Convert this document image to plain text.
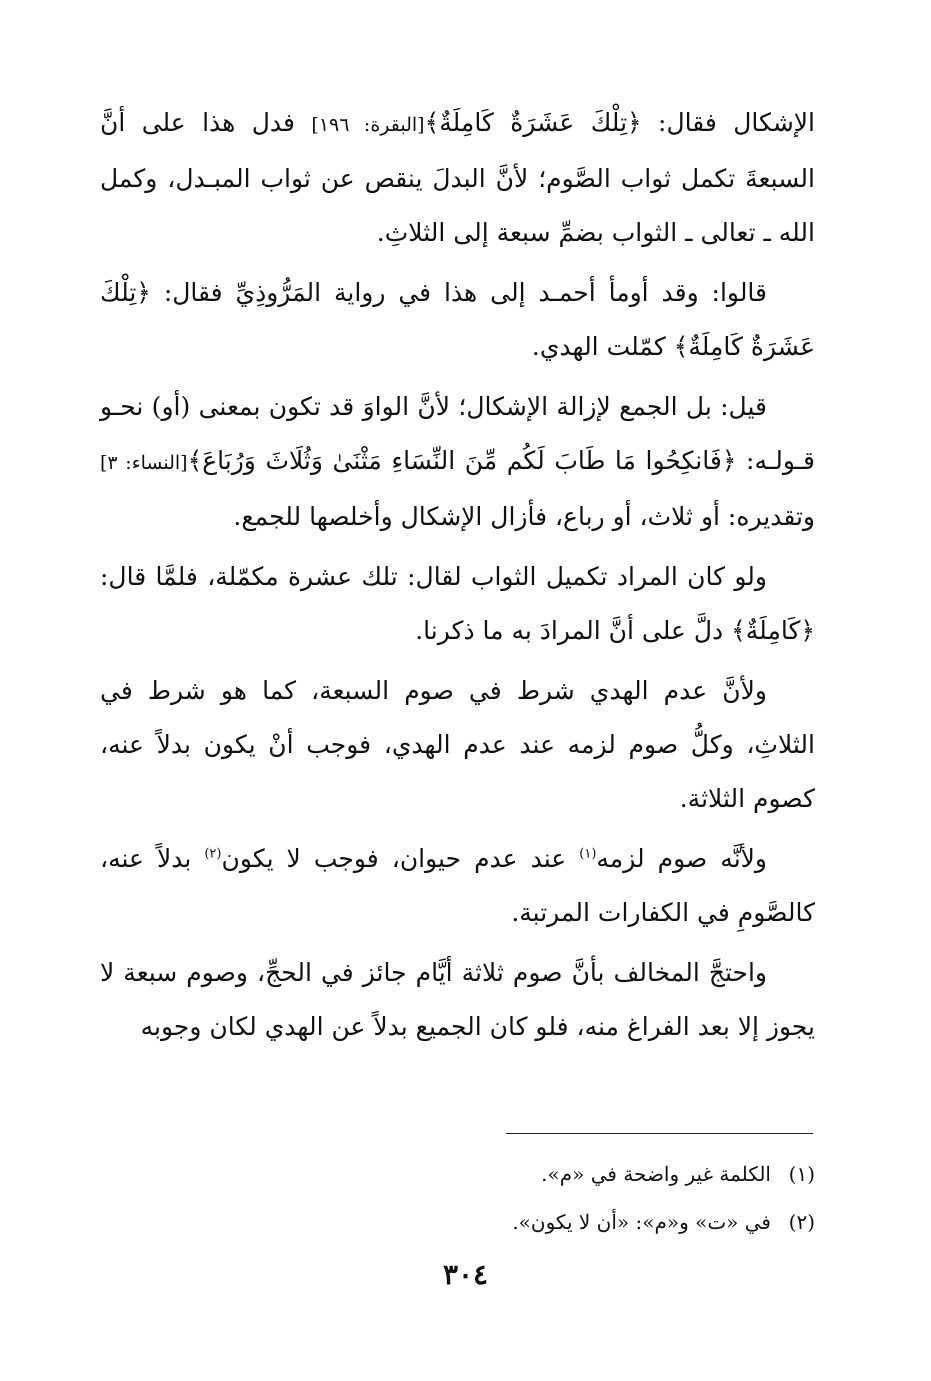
الإشكال فقال: ﴿تِلْكَ عَشَرَةٌ كَامِلَةٌ﴾[البقرة: ١٩٦] فدل هذا على أنَّ السبعةَ تكمل ثواب الصَّوم؛ لأنَّ البدلَ ينقص عن ثواب المبـدل، وكمل الله ـ تعالى ـ الثواب بضمِّ سبعة إلى الثلاثِ.

قالوا: وقد أومأ أحمـد إلى هذا في رواية المَرُّوذِيِّ فقال: ﴿تِلْكَ عَشَرَةٌ كَامِلَةٌ﴾ كمّلت الهدي.

قيل: بل الجمع لإزالة الإشكال؛ لأنَّ الواوَ قد تكون بمعنى (أو) نحـو قـولـه: ﴿فَانكِحُوا مَا طَابَ لَكُم مِّنَ النِّسَاءِ مَثْنَىٰ وَثُلَاثَ وَرُبَاعَ﴾[النساء: ٣] وتقديره: أو ثلاث، أو رباع، فأزال الإشكال وأخلصها للجمع.

ولو كان المراد تكميل الثواب لقال: تلك عشرة مكمّلة، فلمَّا قال: ﴿كَامِلَةٌ﴾ دلَّ على أنَّ المرادَ به ما ذكرنا.

ولأنَّ عدم الهدي شرط في صوم السبعة، كما هو شرط في الثلاثِ، وكلُّ صوم لزمه عند عدم الهدي، فوجب أنْ يكون بدلاً عنه، كصوم الثلاثة.

ولأنَّه صوم لزمه$^{(١)}$ عند عدم حيوان، فوجب لا يكون$^{(٢)}$ بدلاً عنه، كالصَّومِ في الكفارات المرتبة.

واحتجَّ المخالف بأنَّ صوم ثلاثة أيَّام جائز في الحجِّ، وصوم سبعة لا يجوز إلا بعد الفراغ منه، فلو كان الجميع بدلاً عن الهدي لكان وجوبه

(١)الكلمة غير واضحة في «م».

(٢)في «ت» و«م»: «أن لا يكون».

٣٠٤
